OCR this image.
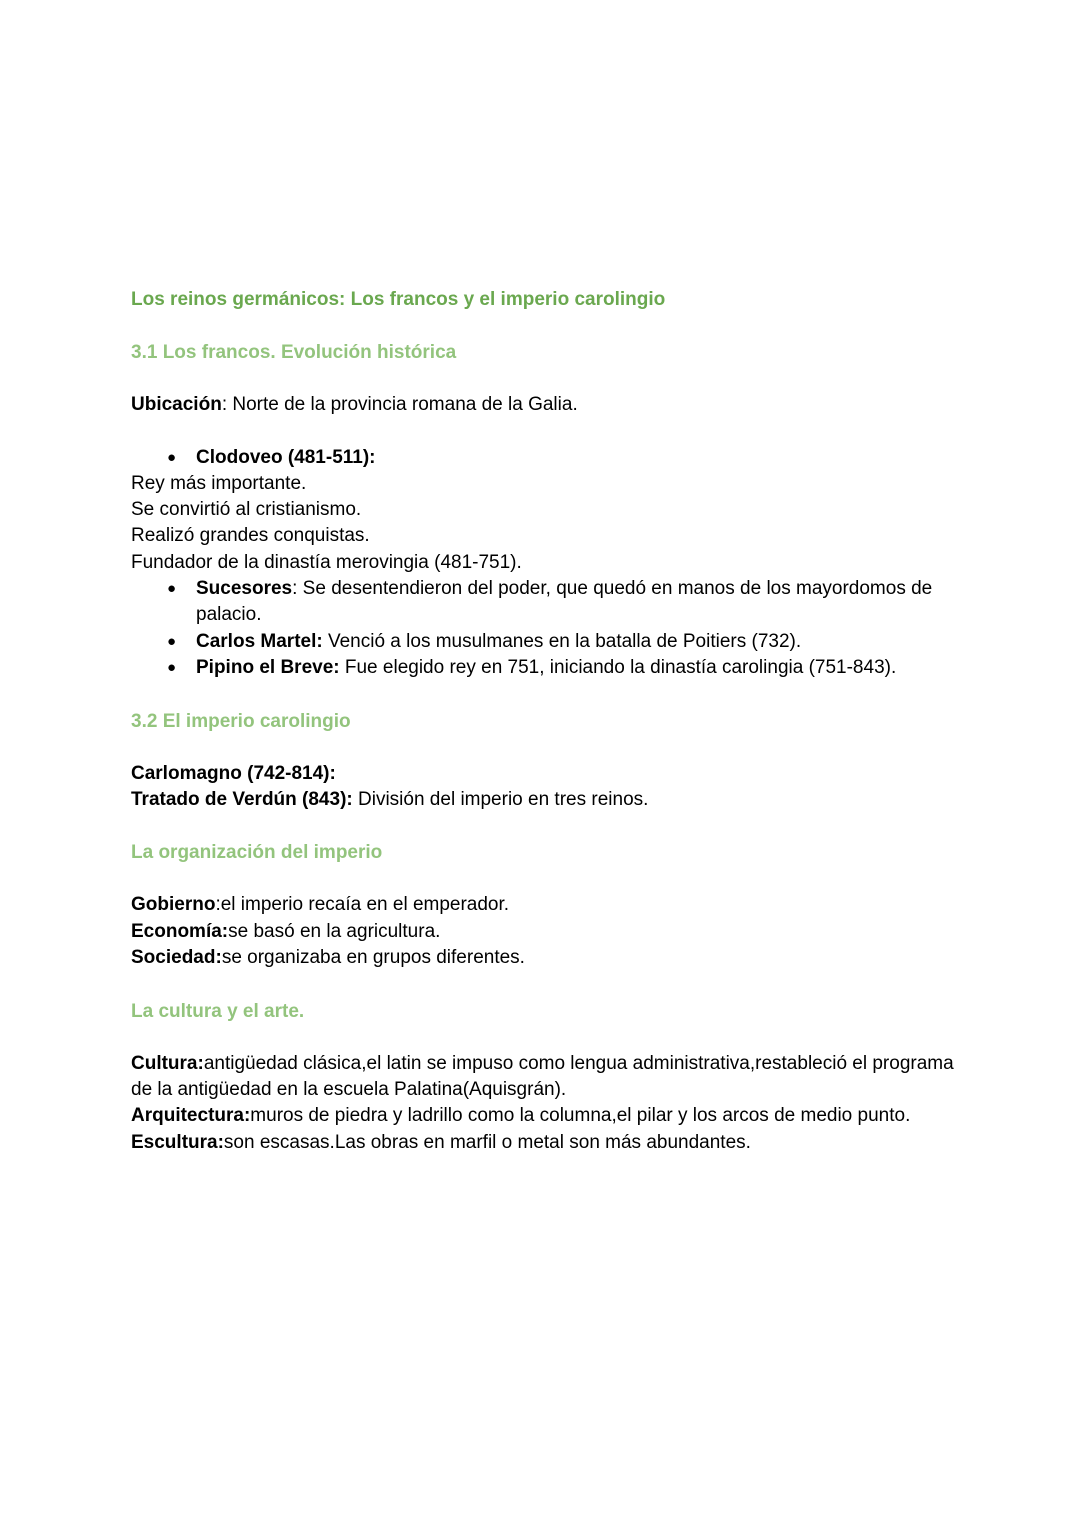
Los reinos germánicos: Los francos y el imperio carolingio
3.1 Los francos. Evolución histórica

Ubicación: Norte de la provincia romana de la Galia.

● Clodoveo (481-511):

Rey más importante.

Se convirtió al cristianismo.

Realizó grandes conquistas.

Fundador de la dinastía merovingia (481-751).

● Sucesores: Se desentendieron del poder, que quedó en manos de los mayordomos de palacio.
● Carlos Martel: Venció a los musulmanes en la batalla de Poitiers (732).
● Pipino el Breve: Fue elegido rey en 751, iniciando la dinastía carolingia (751-843).
3.2 El imperio carolingio

Carlomagno (742-814):

Tratado de Verdún (843): División del imperio en tres reinos.

La organización del imperio

Gobierno:el imperio recaía en el emperador.

Economía:se basó en la agricultura.

Sociedad:se organizaba en grupos diferentes.

La cultura y el arte.

Cultura:antigüedad clásica,el latin se impuso como lengua administrativa,restableció el programa de la antigüedad en la escuela Palatina(Aquisgrán).

Arquitectura:muros de piedra y ladrillo como la columna,el pilar y los arcos de medio punto.

Escultura:son escasas.Las obras en marfil o metal son más abundantes.
